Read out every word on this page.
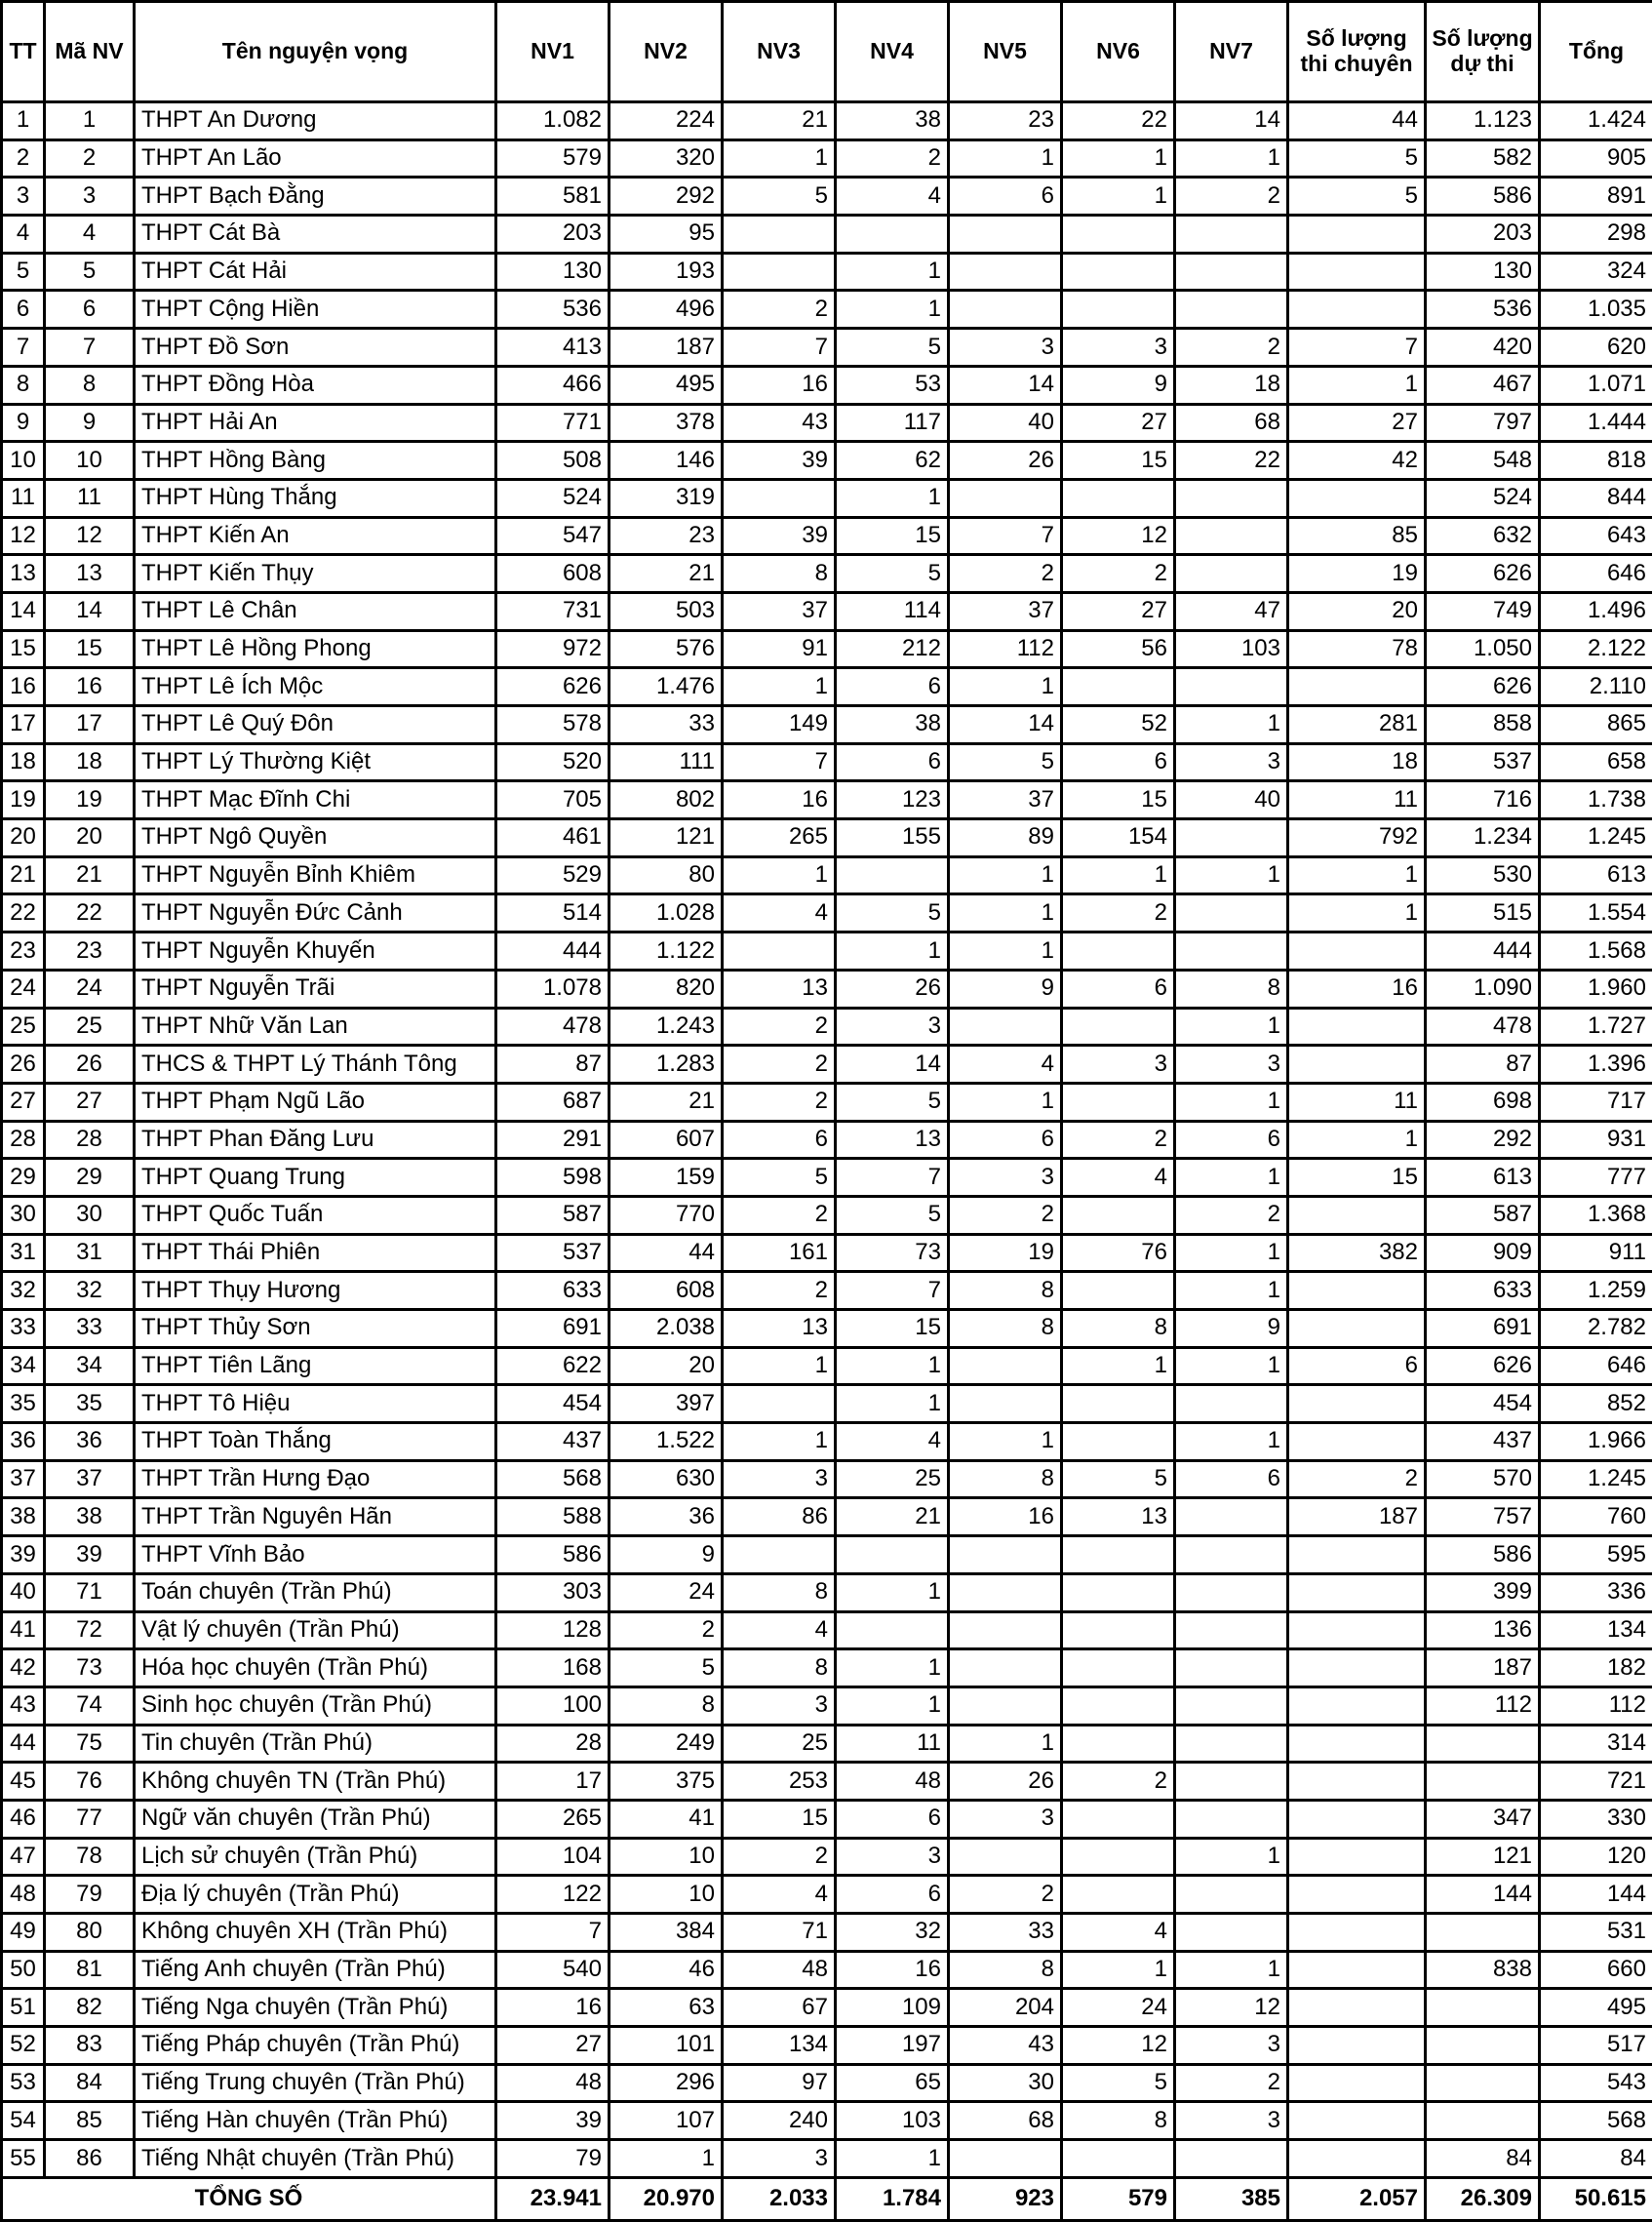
TT	Mã NV	Tên nguyện vọng	NV1	NV2	NV3	NV4	NV5	NV6	NV7	Số lượng thi chuyên	Số lượng dự thi	Tổng
1	1	THPT An Dương	1.082	224	21	38	23	22	14	44	1.123	1.424
2	2	THPT An Lão	579	320	1	2	1	1	1	5	582	905
3	3	THPT Bạch Đằng	581	292	5	4	6	1	2	5	586	891
4	4	THPT Cát Bà	203	95							203	298
5	5	THPT Cát Hải	130	193		1					130	324
6	6	THPT Cộng Hiền	536	496	2	1					536	1.035
7	7	THPT Đồ Sơn	413	187	7	5	3	3	2	7	420	620
8	8	THPT Đồng Hòa	466	495	16	53	14	9	18	1	467	1.071
9	9	THPT Hải An	771	378	43	117	40	27	68	27	797	1.444
10	10	THPT Hồng Bàng	508	146	39	62	26	15	22	42	548	818
11	11	THPT Hùng Thắng	524	319		1					524	844
12	12	THPT Kiến An	547	23	39	15	7	12		85	632	643
13	13	THPT Kiến Thụy	608	21	8	5	2	2		19	626	646
14	14	THPT Lê Chân	731	503	37	114	37	27	47	20	749	1.496
15	15	THPT Lê Hồng Phong	972	576	91	212	112	56	103	78	1.050	2.122
16	16	THPT Lê Ích Mộc	626	1.476	1	6	1				626	2.110
17	17	THPT Lê Quý Đôn	578	33	149	38	14	52	1	281	858	865
18	18	THPT Lý Thường Kiệt	520	111	7	6	5	6	3	18	537	658
19	19	THPT Mạc Đĩnh Chi	705	802	16	123	37	15	40	11	716	1.738
20	20	THPT Ngô Quyền	461	121	265	155	89	154		792	1.234	1.245
21	21	THPT Nguyễn Bỉnh Khiêm	529	80	1		1	1	1	1	530	613
22	22	THPT Nguyễn Đức Cảnh	514	1.028	4	5	1	2		1	515	1.554
23	23	THPT Nguyễn Khuyến	444	1.122		1	1				444	1.568
24	24	THPT Nguyễn Trãi	1.078	820	13	26	9	6	8	16	1.090	1.960
25	25	THPT Nhữ Văn Lan	478	1.243	2	3			1		478	1.727
26	26	THCS & THPT Lý Thánh Tông	87	1.283	2	14	4	3	3		87	1.396
27	27	THPT Phạm Ngũ Lão	687	21	2	5	1		1	11	698	717
28	28	THPT Phan Đăng Lưu	291	607	6	13	6	2	6	1	292	931
29	29	THPT Quang Trung	598	159	5	7	3	4	1	15	613	777
30	30	THPT Quốc Tuấn	587	770	2	5	2		2		587	1.368
31	31	THPT Thái Phiên	537	44	161	73	19	76	1	382	909	911
32	32	THPT Thụy Hương	633	608	2	7	8		1		633	1.259
33	33	THPT Thủy Sơn	691	2.038	13	15	8	8	9		691	2.782
34	34	THPT Tiên Lãng	622	20	1	1		1	1	6	626	646
35	35	THPT Tô Hiệu	454	397		1					454	852
36	36	THPT Toàn Thắng	437	1.522	1	4	1		1		437	1.966
37	37	THPT Trần Hưng Đạo	568	630	3	25	8	5	6	2	570	1.245
38	38	THPT Trần Nguyên Hãn	588	36	86	21	16	13		187	757	760
39	39	THPT Vĩnh Bảo	586	9							586	595
40	71	Toán chuyên (Trần Phú)	303	24	8	1					399	336
41	72	Vật lý chuyên (Trần Phú)	128	2	4						136	134
42	73	Hóa học chuyên (Trần Phú)	168	5	8	1					187	182
43	74	Sinh học chuyên (Trần Phú)	100	8	3	1					112	112
44	75	Tin chuyên (Trần Phú)	28	249	25	11	1					314
45	76	Không chuyên TN (Trần Phú)	17	375	253	48	26	2				721
46	77	Ngữ văn chuyên (Trần Phú)	265	41	15	6	3				347	330
47	78	Lịch sử chuyên (Trần Phú)	104	10	2	3			1		121	120
48	79	Địa lý chuyên (Trần Phú)	122	10	4	6	2				144	144
49	80	Không chuyên XH (Trần Phú)	7	384	71	32	33	4				531
50	81	Tiếng Anh chuyên (Trần Phú)	540	46	48	16	8	1	1		838	660
51	82	Tiếng Nga chuyên (Trần Phú)	16	63	67	109	204	24	12			495
52	83	Tiếng Pháp chuyên (Trần Phú)	27	101	134	197	43	12	3			517
53	84	Tiếng Trung chuyên (Trần Phú)	48	296	97	65	30	5	2			543
54	85	Tiếng Hàn chuyên (Trần Phú)	39	107	240	103	68	8	3			568
55	86	Tiếng Nhật chuyên (Trần Phú)	79	1	3	1					84	84
TỔNG SỐ			23.941	20.970	2.033	1.784	923	579	385	2.057	26.309	50.615
